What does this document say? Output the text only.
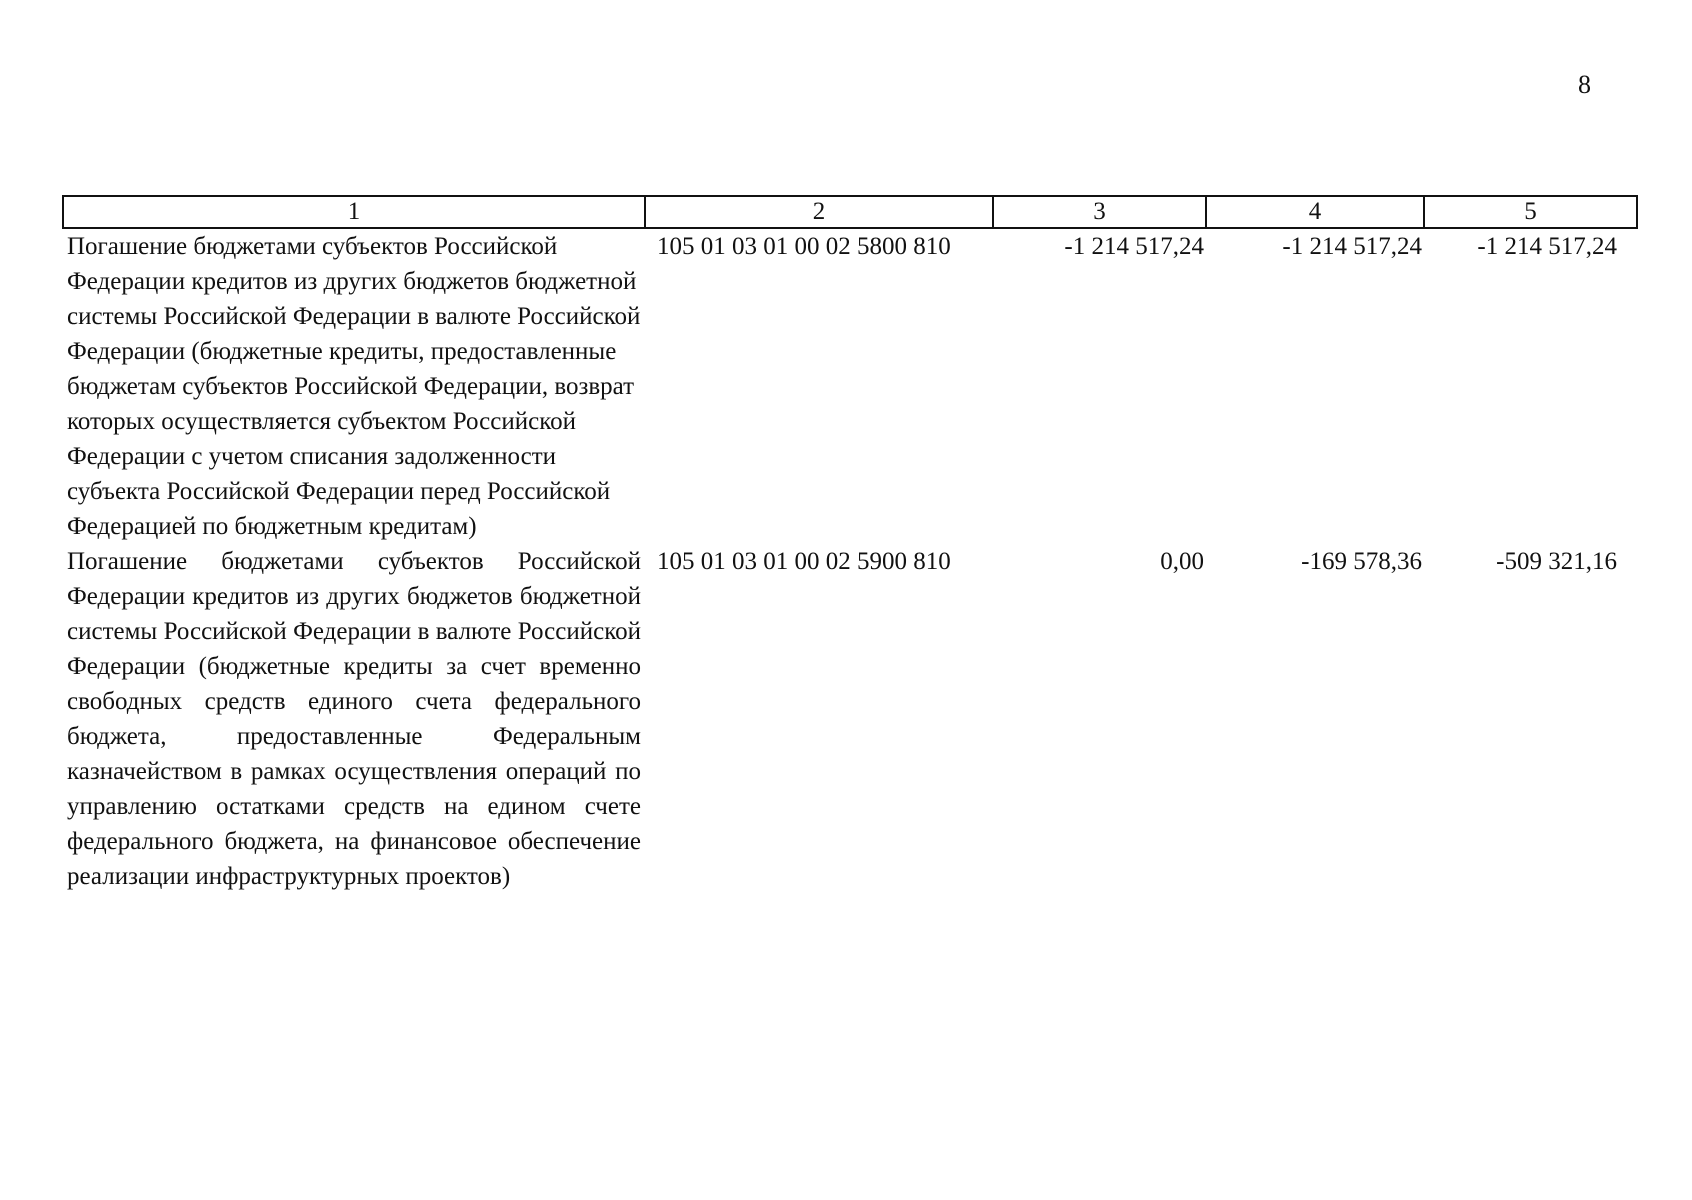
8
1	2	3	4	5
Погашение бюджетами субъектов Российской Федерации кредитов из других бюджетов бюджетной системы Российской Федерации в валюте Российской Федерации (бюджетные кредиты, предоставленные бюджетам субъектов Российской Федерации, возврат которых осуществляется субъектом Российской Федерации с учетом списания задолженности субъекта Российской Федерации перед Российской Федерацией по бюджетным кредитам)	105 01 03 01 00 02 5800 810	-1 214 517,24	-1 214 517,24	-1 214 517,24
Погашение бюджетами субъектов Российской Федерации кредитов из других бюджетов бюджетной системы Российской Федерации в валюте Российской Федерации (бюджетные кредиты за счет временно свободных средств единого счета федерального бюджета, предоставленные Федеральным казначейством в рамках осуществления операций по управлению остатками средств на едином счете федерального бюджета, на финансовое обеспечение реализации инфраструктурных проектов)	105 01 03 01 00 02 5900 810	0,00	-169 578,36	-509 321,16
